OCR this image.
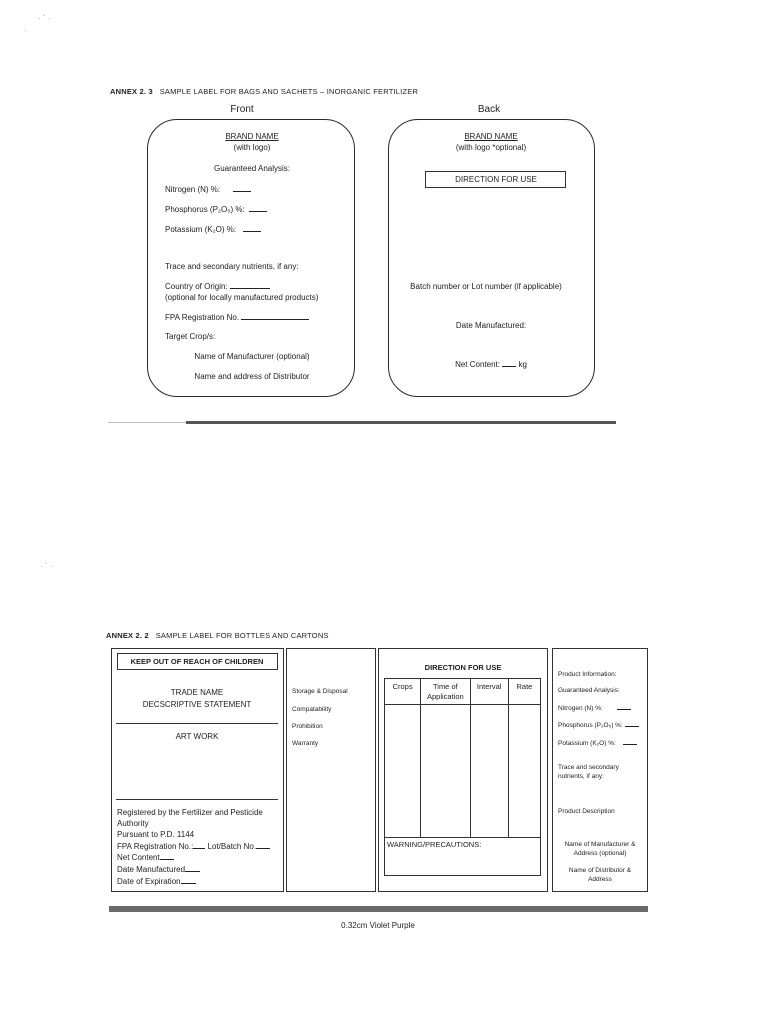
· ´ ·
·
· ´ ·
ANNEX 2. 3 SAMPLE LABEL FOR BAGS AND SACHETS – INORGANIC FERTILIZER
Front	Back
BRAND NAME
(with logo)
Guaranteed Analysis:
Nitrogen (N) %:
Phosphorus (P₂O₅) %:
Potassium (K₂O) %:
Trace and secondary nutrients, if any:
Country of Origin:
(optional for locally manufactured products)
FPA Registration No.
Target Crop/s:
Name of Manufacturer (optional)
Name and address of Distributor
BRAND NAME
(with logo *optional)
DIRECTION FOR USE
Batch number or Lot number (if applicable)
Date Manufactured:
Net Content: kg
ANNEX 2. 2 SAMPLE LABEL FOR BOTTLES AND CARTONS
KEEP OUT OF REACH OF CHILDREN
TRADE NAME
DECSCRIPTIVE STATEMENT
ART WORK
Registered by the Fertilizer and Pesticide
Authority
Pursuant to P.D. 1144
FPA Registration No.: Lot/Batch No.
Net Content
Date Manufactured
Date of Expiration
Storage & Disposal
Compatability
Prohibition
Warranty
DIRECTION FOR USE
Crops	Time of Application	Interval	Rate

WARNING/PRECAUTIONS:
Product Information:
Guaranteed Analysis:
Nitrogen (N) %:
Phosphorus (P₂O₅) %:
Potassium (K₂O) %:
Trace and secondary
nutrients, if any:
Product Description
Name of Manufacturer &
Address (optional)
Name of Distributor &
Address
0.32cm Violet Purple
